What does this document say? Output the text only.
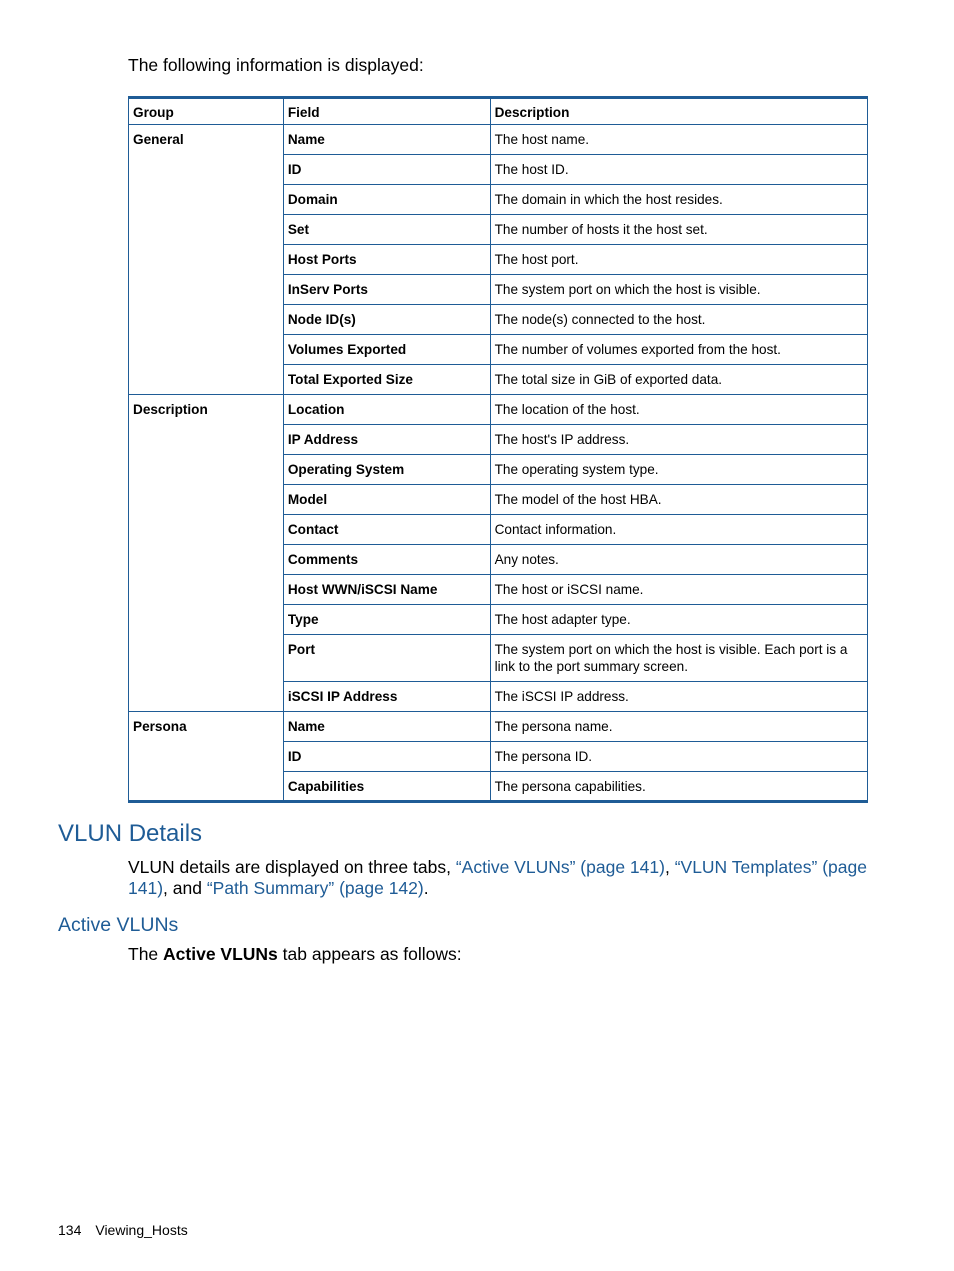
The following information is displayed:

Group	Field	Description
General	Name	The host name.
	ID	The host ID.
	Domain	The domain in which the host resides.
	Set	The number of hosts it the host set.
	Host Ports	The host port.
	InServ Ports	The system port on which the host is visible.
	Node ID(s)	The node(s) connected to the host.
	Volumes Exported	The number of volumes exported from the host.
	Total Exported Size	The total size in GiB of exported data.
Description	Location	The location of the host.
	IP Address	The host's IP address.
	Operating System	The operating system type.
	Model	The model of the host HBA.
	Contact	Contact information.
	Comments	Any notes.
	Host WWN/iSCSI Name	The host or iSCSI name.
	Type	The host adapter type.
	Port	The system port on which the host is visible. Each port is a link to the port summary screen.
	iSCSI IP Address	The iSCSI IP address.
Persona	Name	The persona name.
	ID	The persona ID.
	Capabilities	The persona capabilities.
VLUN Details

VLUN details are displayed on three tabs, “Active VLUNs” (page 141), “VLUN Templates” (page 141), and “Path Summary” (page 142).

Active VLUNs

The Active VLUNs tab appears as follows:

134 Viewing_Hosts
